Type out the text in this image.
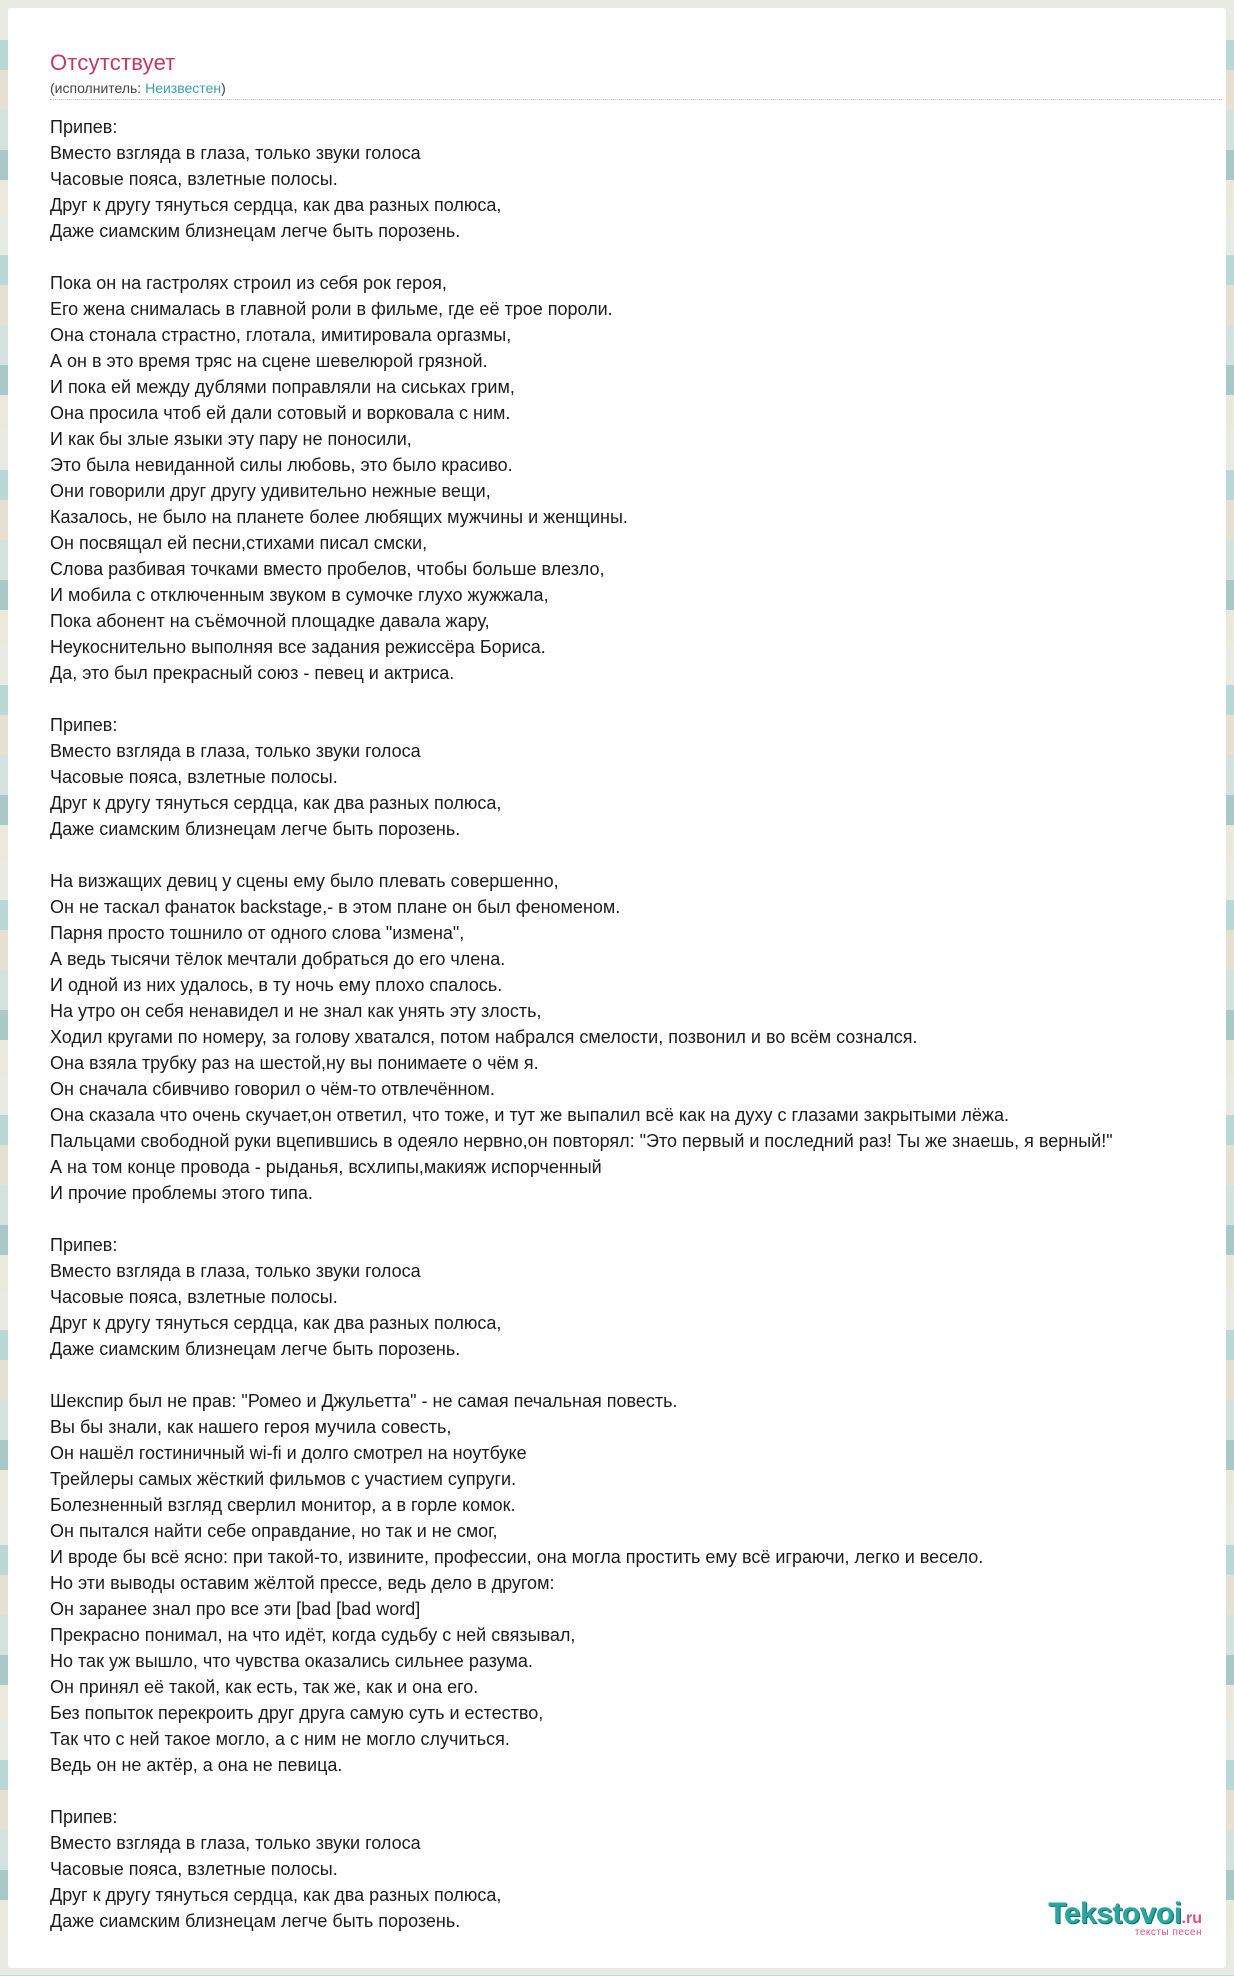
Отсутствует
(исполнитель: Неизвестен)
Припев:
Вместо взгляда в глаза, только звуки голоса
Часовые пояса, взлетные полосы.
Друг к другу тянуться сердца, как два разных полюса,
Даже сиамским близнецам легче быть порозень.
Пока он на гастролях строил из себя рок героя,
Его жена снималась в главной роли в фильме, где её трое пороли.
Она стонала страстно, глотала, имитировала оргазмы,
А он в это время тряс на сцене шевелюрой грязной.
И пока ей между дублями поправляли на сиськах грим,
Она просила чтоб ей дали сотовый и ворковала с ним.
И как бы злые языки эту пару не поносили,
Это была невиданной силы любовь, это было красиво.
Они говорили друг другу удивительно нежные вещи,
Казалось, не было на планете более любящих мужчины и женщины.
Он посвящал ей песни,стихами писал смски,
Слова разбивая точками вместо пробелов, чтобы больше влезло,
И мобила с отключенным звуком в сумочке глухо жужжала,
Пока абонент на съёмочной площадке давала жару,
Неукоснительно выполняя все задания режиссёра Бориса.
Да, это был прекрасный союз - певец и актриса.
Припев:
Вместо взгляда в глаза, только звуки голоса
Часовые пояса, взлетные полосы.
Друг к другу тянуться сердца, как два разных полюса,
Даже сиамским близнецам легче быть порозень.
На визжащих девиц у сцены ему было плевать совершенно,
Он не таскал фанаток backstage,- в этом плане он был феноменом.
Парня просто тошнило от одного слова "измена",
А ведь тысячи тёлок мечтали добраться до его члена.
И одной из них удалось, в ту ночь ему плохо спалось.
На утро он себя ненавидел и не знал как унять эту злость,
Ходил кругами по номеру, за голову хватался, потом набрался смелости, позвонил и во всём сознался.
Она взяла трубку раз на шестой,ну вы понимаете о чём я.
Он сначала сбивчиво говорил о чём-то отвлечённом.
Она сказала что очень скучает,он ответил, что тоже, и тут же выпалил всё как на духу с глазами закрытыми лёжа.
Пальцами свободной руки вцепившись в одеяло нервно,он повторял: "Это первый и последний раз! Ты же знаешь, я верный!"
А на том конце провода - рыданья, всхлипы,макияж испорченный
И прочие проблемы этого типа.
Припев:
Вместо взгляда в глаза, только звуки голоса
Часовые пояса, взлетные полосы.
Друг к другу тянуться сердца, как два разных полюса,
Даже сиамским близнецам легче быть порозень.
Шекспир был не прав: "Ромео и Джульетта" - не самая печальная повесть.
Вы бы знали, как нашего героя мучила совесть,
Он нашёл гостиничный wi-fi и долго смотрел на ноутбуке
Трейлеры самых жёсткий фильмов с участием супруги.
Болезненный взгляд сверлил монитор, а в горле комок.
Он пытался найти себе оправдание, но так и не смог,
И вроде бы всё ясно: при такой-то, извините, профессии, она могла простить ему всё играючи, легко и весело.
Но эти выводы оставим жёлтой прессе, ведь дело в другом:
Он заранее знал про все эти [bad [bad word]
Прекрасно понимал, на что идёт, когда судьбу с ней связывал,
Но так уж вышло, что чувства оказались сильнее разума.
Он принял её такой, как есть, так же, как и она его.
Без попыток перекроить друг друга самую суть и естество,
Так что с ней такое могло, а с ним не могло случиться.
Ведь он не актёр, а она не певица.
Припев:
Вместо взгляда в глаза, только звуки голоса
Часовые пояса, взлетные полосы.
Друг к другу тянуться сердца, как два разных полюса,
Даже сиамским близнецам легче быть порозень.	Tekstovoi.ru
тексты песен
